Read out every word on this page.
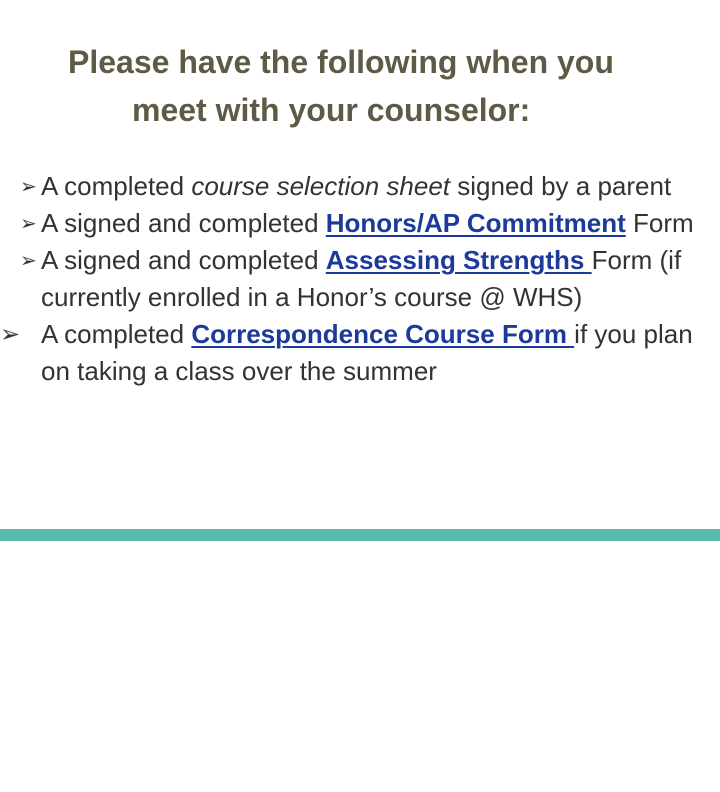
Please have the following when you
meet with your counselor:
➢ A completed course selection sheet signed by a parent
➢ A signed and completed Honors/AP Commitment Form
➢ A signed and completed Assessing Strengths Form (if currently enrolled in a Honor’s course @ WHS)
➢ A completed Correspondence Course Form if you plan on taking a class over the summer
